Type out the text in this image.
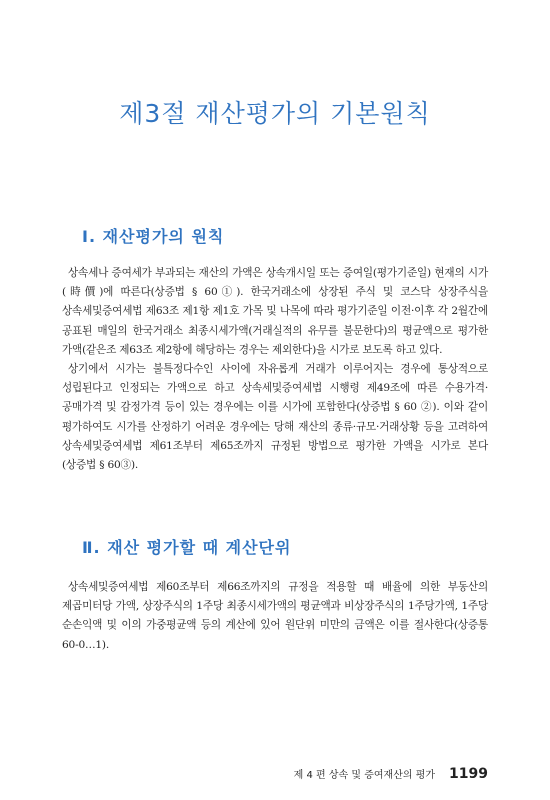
제3절 재산평가의 기본원칙
Ⅰ. 재산평가의 원칙

상속세나 증여세가 부과되는 재산의 가액은 상속개시일 또는 증여일(평가기준일) 현재의 시가(時價)에 따른다(상증법 § 60①). 한국거래소에 상장된 주식 및 코스닥 상장주식을 상속세및증여세법 제63조 제1항 제1호 가목 및 나목에 따라 평가기준일 이전·이후 각 2월간에 공표된 매일의 한국거래소 최종시세가액(거래실적의 유무를 불문한다)의 평균액으로 평가한 가액(같은조 제63조 제2항에 해당하는 경우는 제외한다)을 시가로 보도록 하고 있다.

상기에서 시가는 불특정다수인 사이에 자유롭게 거래가 이루어지는 경우에 통상적으로 성립된다고 인정되는 가액으로 하고 상속세및증여세법 시행령 제49조에 따른 수용가격·공매가격 및 감정가격 등이 있는 경우에는 이를 시가에 포함한다(상증법 § 60 ②). 이와 같이 평가하여도 시가를 산정하기 어려운 경우에는 당해 재산의 종류·규모·거래상황 등을 고려하여 상속세및증여세법 제61조부터 제65조까지 규정된 방법으로 평가한 가액을 시가로 본다(상증법 § 60③).

Ⅱ. 재산 평가할 때 계산단위

상속세및증여세법 제60조부터 제66조까지의 규정을 적용할 때 배율에 의한 부동산의 제곱미터당 가액, 상장주식의 1주당 최종시세가액의 평균액과 비상장주식의 1주당가액, 1주당 순손익액 및 이의 가중평균액 등의 계산에 있어 원단위 미만의 금액은 이를 절사한다(상증통 60-0…1).

제 4 편 상속 및 증여재산의 평가 1199
